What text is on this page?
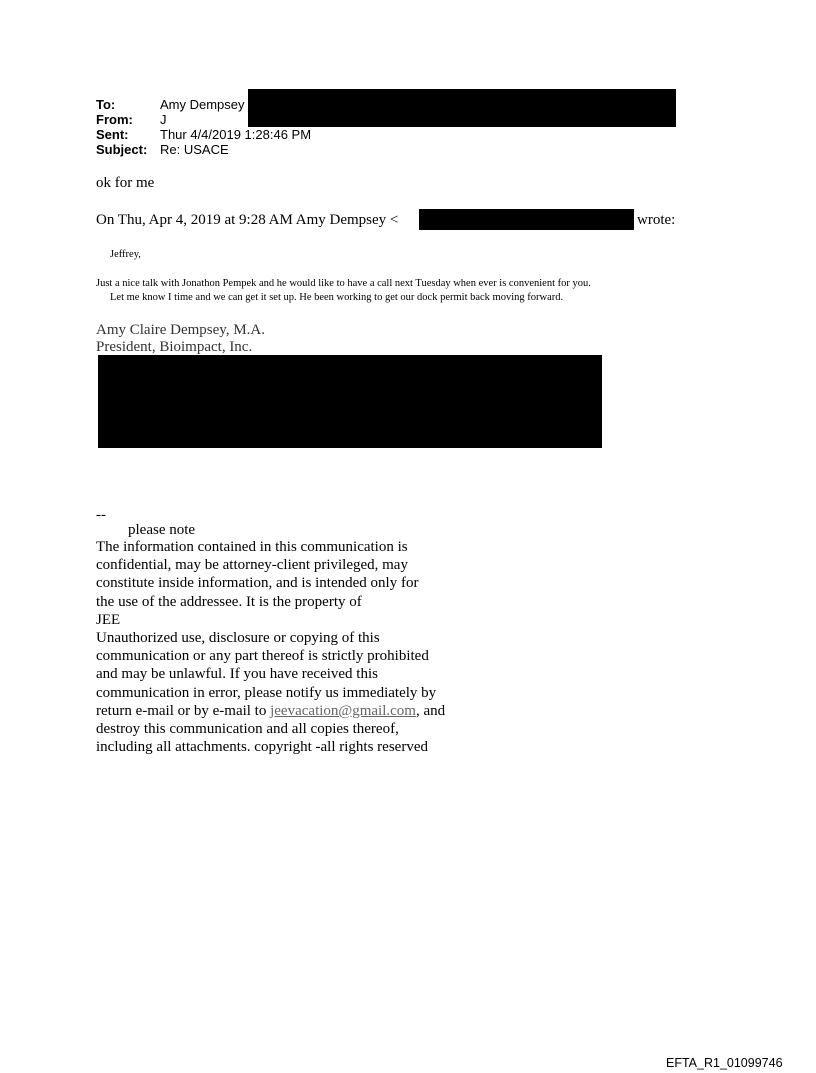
To:	Amy Dempsey
From: J
Sent: Thur 4/4/2019 1:28:46 PM
Subject: Re: USACE
ok for me
On Thu, Apr 4, 2019 at 9:28 AM Amy Dempsey <	wrote:
Jeffrey,
Just a nice talk with Jonathon Pempek and he would like to have a call next Tuesday when ever is convenient for you.
Let me know I time and we can get it set up. He been working to get our dock permit back moving forward.
Amy Claire Dempsey, M.A.
President, Bioimpact, Inc.
--
please note
The information contained in this communication is
confidential, may be attorney-client privileged, may
constitute inside information, and is intended only for
the use of the addressee. It is the property of
JEE
Unauthorized use, disclosure or copying of this
communication or any part thereof is strictly prohibited
and may be unlawful. If you have received this
communication in error, please notify us immediately by
return e-mail or by e-mail to jeevacation@gmail.com, and
destroy this communication and all copies thereof,
including all attachments. copyright -all rights reserved
EFTA_R1_01099746
